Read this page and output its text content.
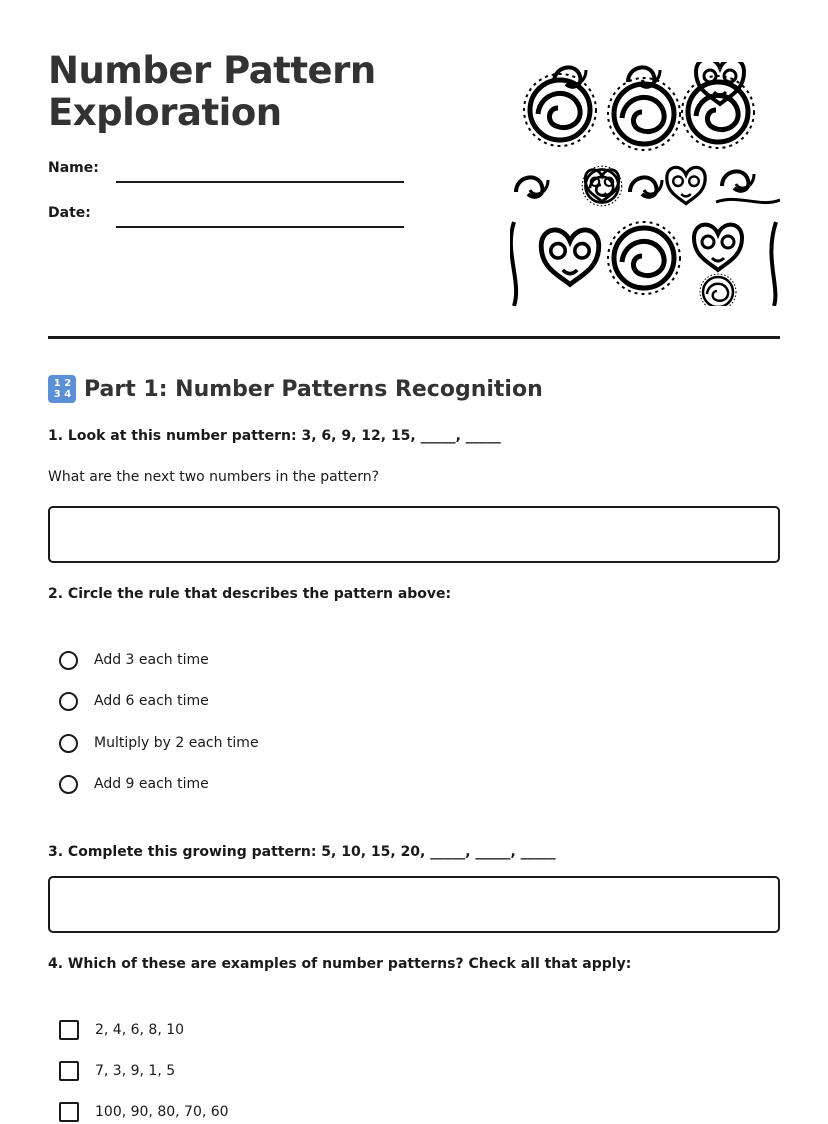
Number Pattern Exploration
Name:
Date:
1 2
3 4 Part 1: Number Patterns Recognition
1. Look at this number pattern: 3, 6, 9, 12, 15, _____, _____
What are the next two numbers in the pattern?
2. Circle the rule that describes the pattern above:
Add 3 each time
Add 6 each time
Multiply by 2 each time
Add 9 each time
3. Complete this growing pattern: 5, 10, 15, 20, _____, _____, _____
4. Which of these are examples of number patterns? Check all that apply:
2, 4, 6, 8, 10
7, 3, 9, 1, 5
100, 90, 80, 70, 60
